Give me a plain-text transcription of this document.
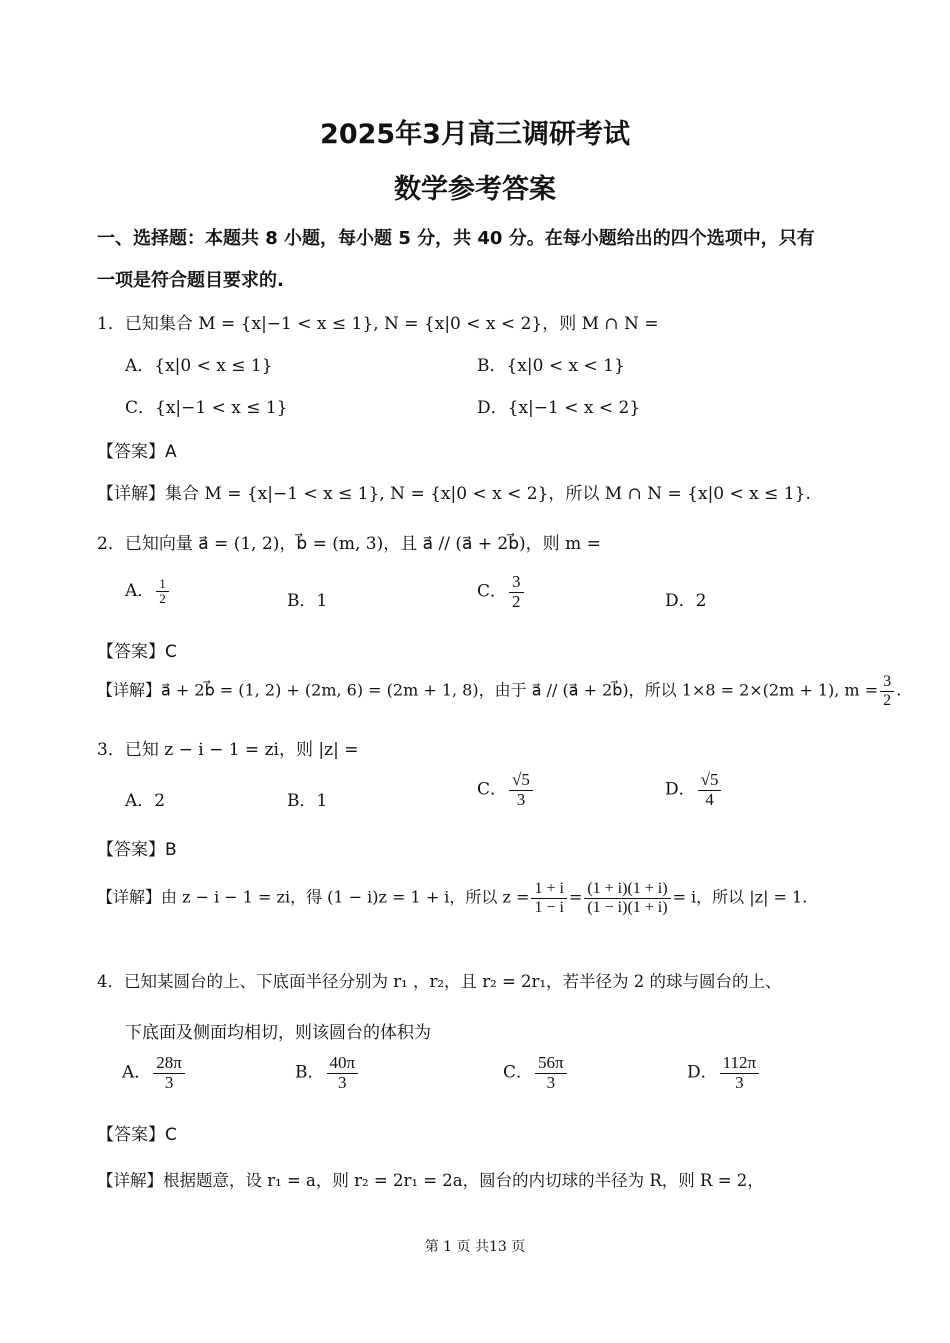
2025年3月高三调研考试
数学参考答案
一、选择题：本题共 8 小题，每小题 5 分，共 40 分。在每小题给出的四个选项中，只有
一项是符合题目要求的.
1．已知集合 M = {x|−1 < x ≤ 1}, N = {x|0 < x < 2}，则 M ∩ N =
A．{x|0 < x ≤ 1}	B．{x|0 < x < 1}
C．{x|−1 < x ≤ 1}	D．{x|−1 < x < 2}
【答案】A
【详解】集合 M = {x|−1 < x ≤ 1}, N = {x|0 < x < 2}，所以 M ∩ N = {x|0 < x ≤ 1}.
2．已知向量 a⃗ = (1, 2)，b⃗ = (m, 3)，且 a⃗ // (a⃗ + 2b⃗)，则 m =
A． $\frac{1}{2}$	B．1	C． $\frac{3}{2}$	D．2
【答案】C
【详解】a⃗ + 2b⃗ = (1, 2) + (2m, 6) = (2m + 1, 8)，由于 a⃗ // (a⃗ + 2b⃗)，所以 1×8 = 2×(2m + 1), $m = \frac{3}{2}$ .
3．已知 z − i − 1 = zi，则 |z| =
A．2	B．1
C． $\frac{√5}{3}$	D． $\frac{√5}{4}$
【答案】B
【详解】由 z − i − 1 = zi，得 (1 − i)z = 1 + i，所以 $z = \frac{1 + i}{1 - i} = \frac{(1 + i)(1 + i)}{(1 - i)(1 + i)} = i$，所以 |z| = 1.
4．已知某圆台的上、下底面半径分别为 r₁ ，r₂，且 r₂ = 2r₁，若半径为 2 的球与圆台的上、
下底面及侧面均相切，则该圆台的体积为
A． $\frac{28\pi}{3}$	B． $\frac{40\pi}{3}$	C． $\frac{56\pi}{3}$	D． $\frac{112\pi}{3}$
【答案】C
【详解】根据题意，设 r₁ = a，则 r₂ = 2r₁ = 2a，圆台的内切球的半径为 R，则 R = 2，
第 1 页 共13 页
